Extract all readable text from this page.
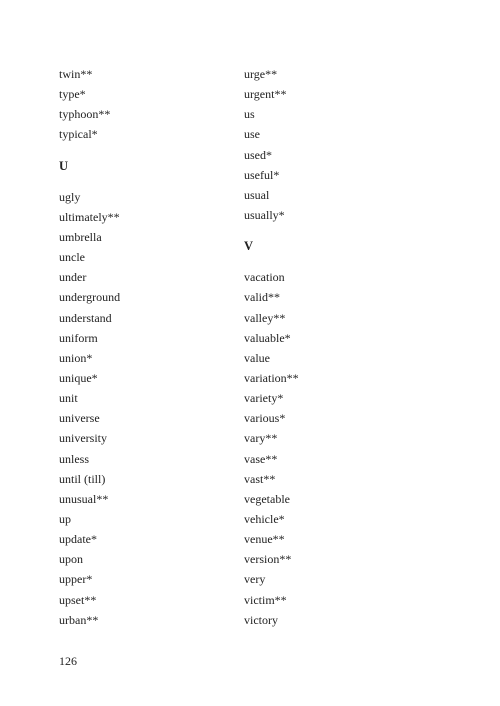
twin**
type*
typhoon**
typical*
U
ugly
ultimately**
umbrella
uncle
under
underground
understand
uniform
union*
unique*
unit
universe
university
unless
until (till)
unusual**
up
update*
upon
upper*
upset**
urban**
urge**
urgent**
us
use
used*
useful*
usual
usually*
V
vacation
valid**
valley**
valuable*
value
variation**
variety*
various*
vary**
vase**
vast**
vegetable
vehicle*
venue**
version**
very
victim**
victory
126
